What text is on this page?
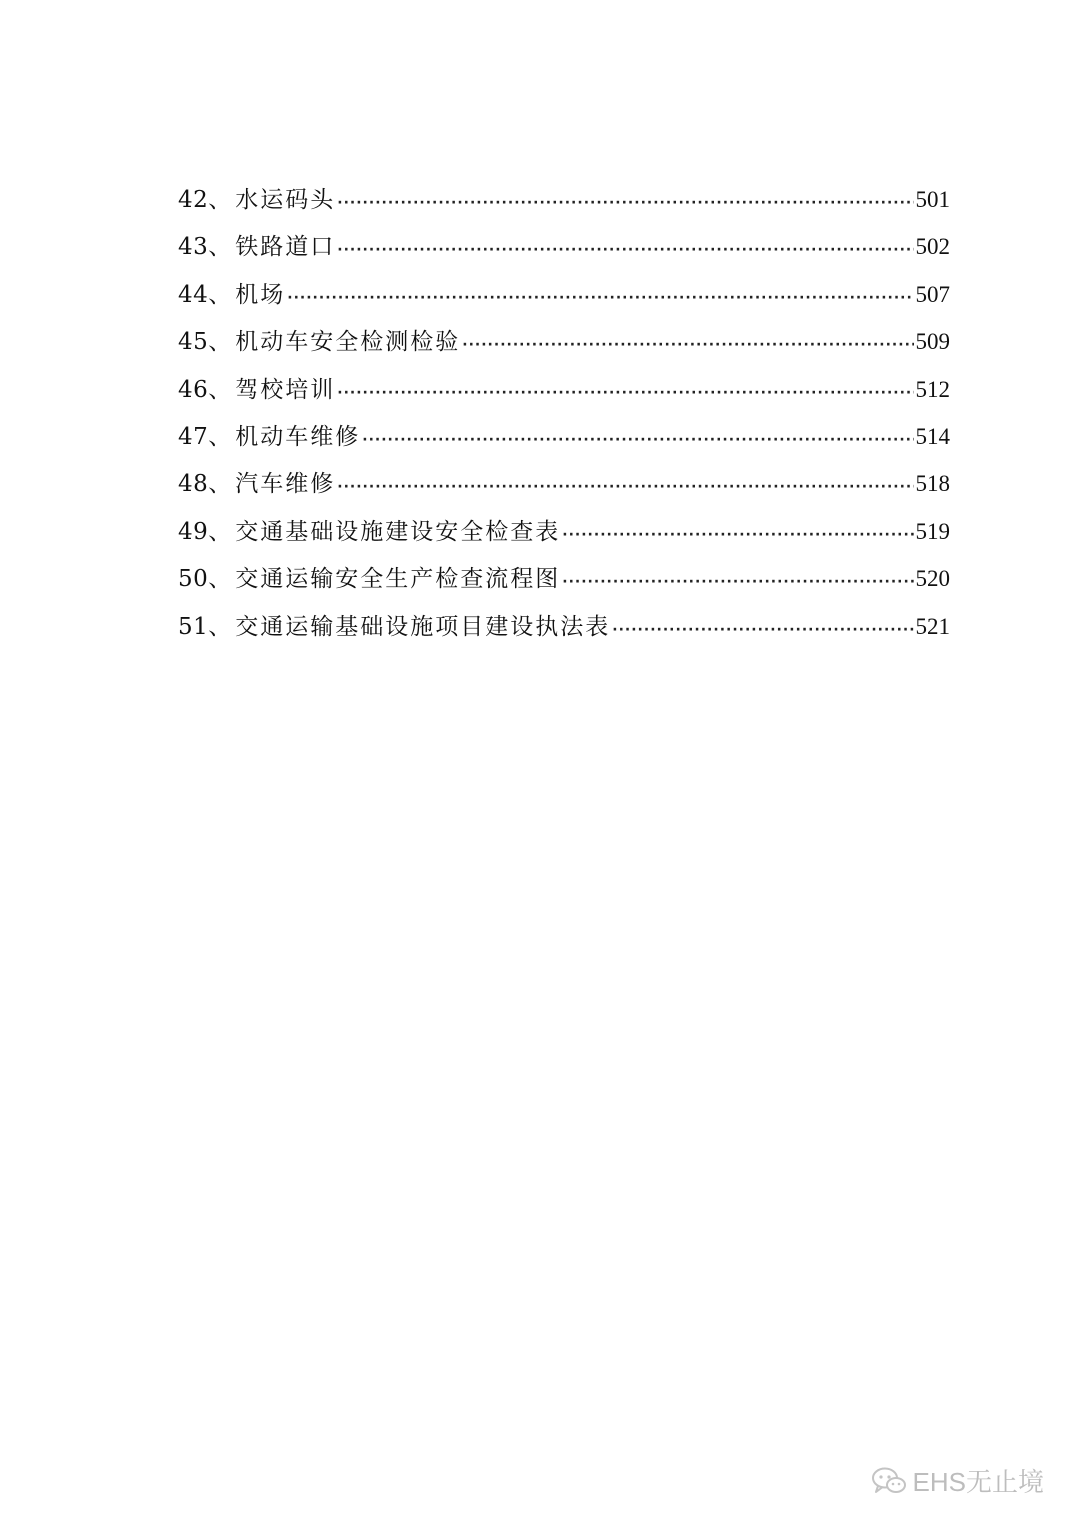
42 、 水运码头 ·····	501
43 、 铁路道口 ·····	502
44 、 机场 ·····	507
45 、 机动车安全检测检验 ·····	509
46 、 驾校培训 ·····	512
47 、 机动车维修 ·····	514
48 、 汽车维修 ·····	518
49 、 交通基础设施建设安全检查表 ·····	519
50 、 交通运输安全生产检查流程图 ·····	520
51 、 交通运输基础设施项目建设执法表 ·····	521
EHS无止境
